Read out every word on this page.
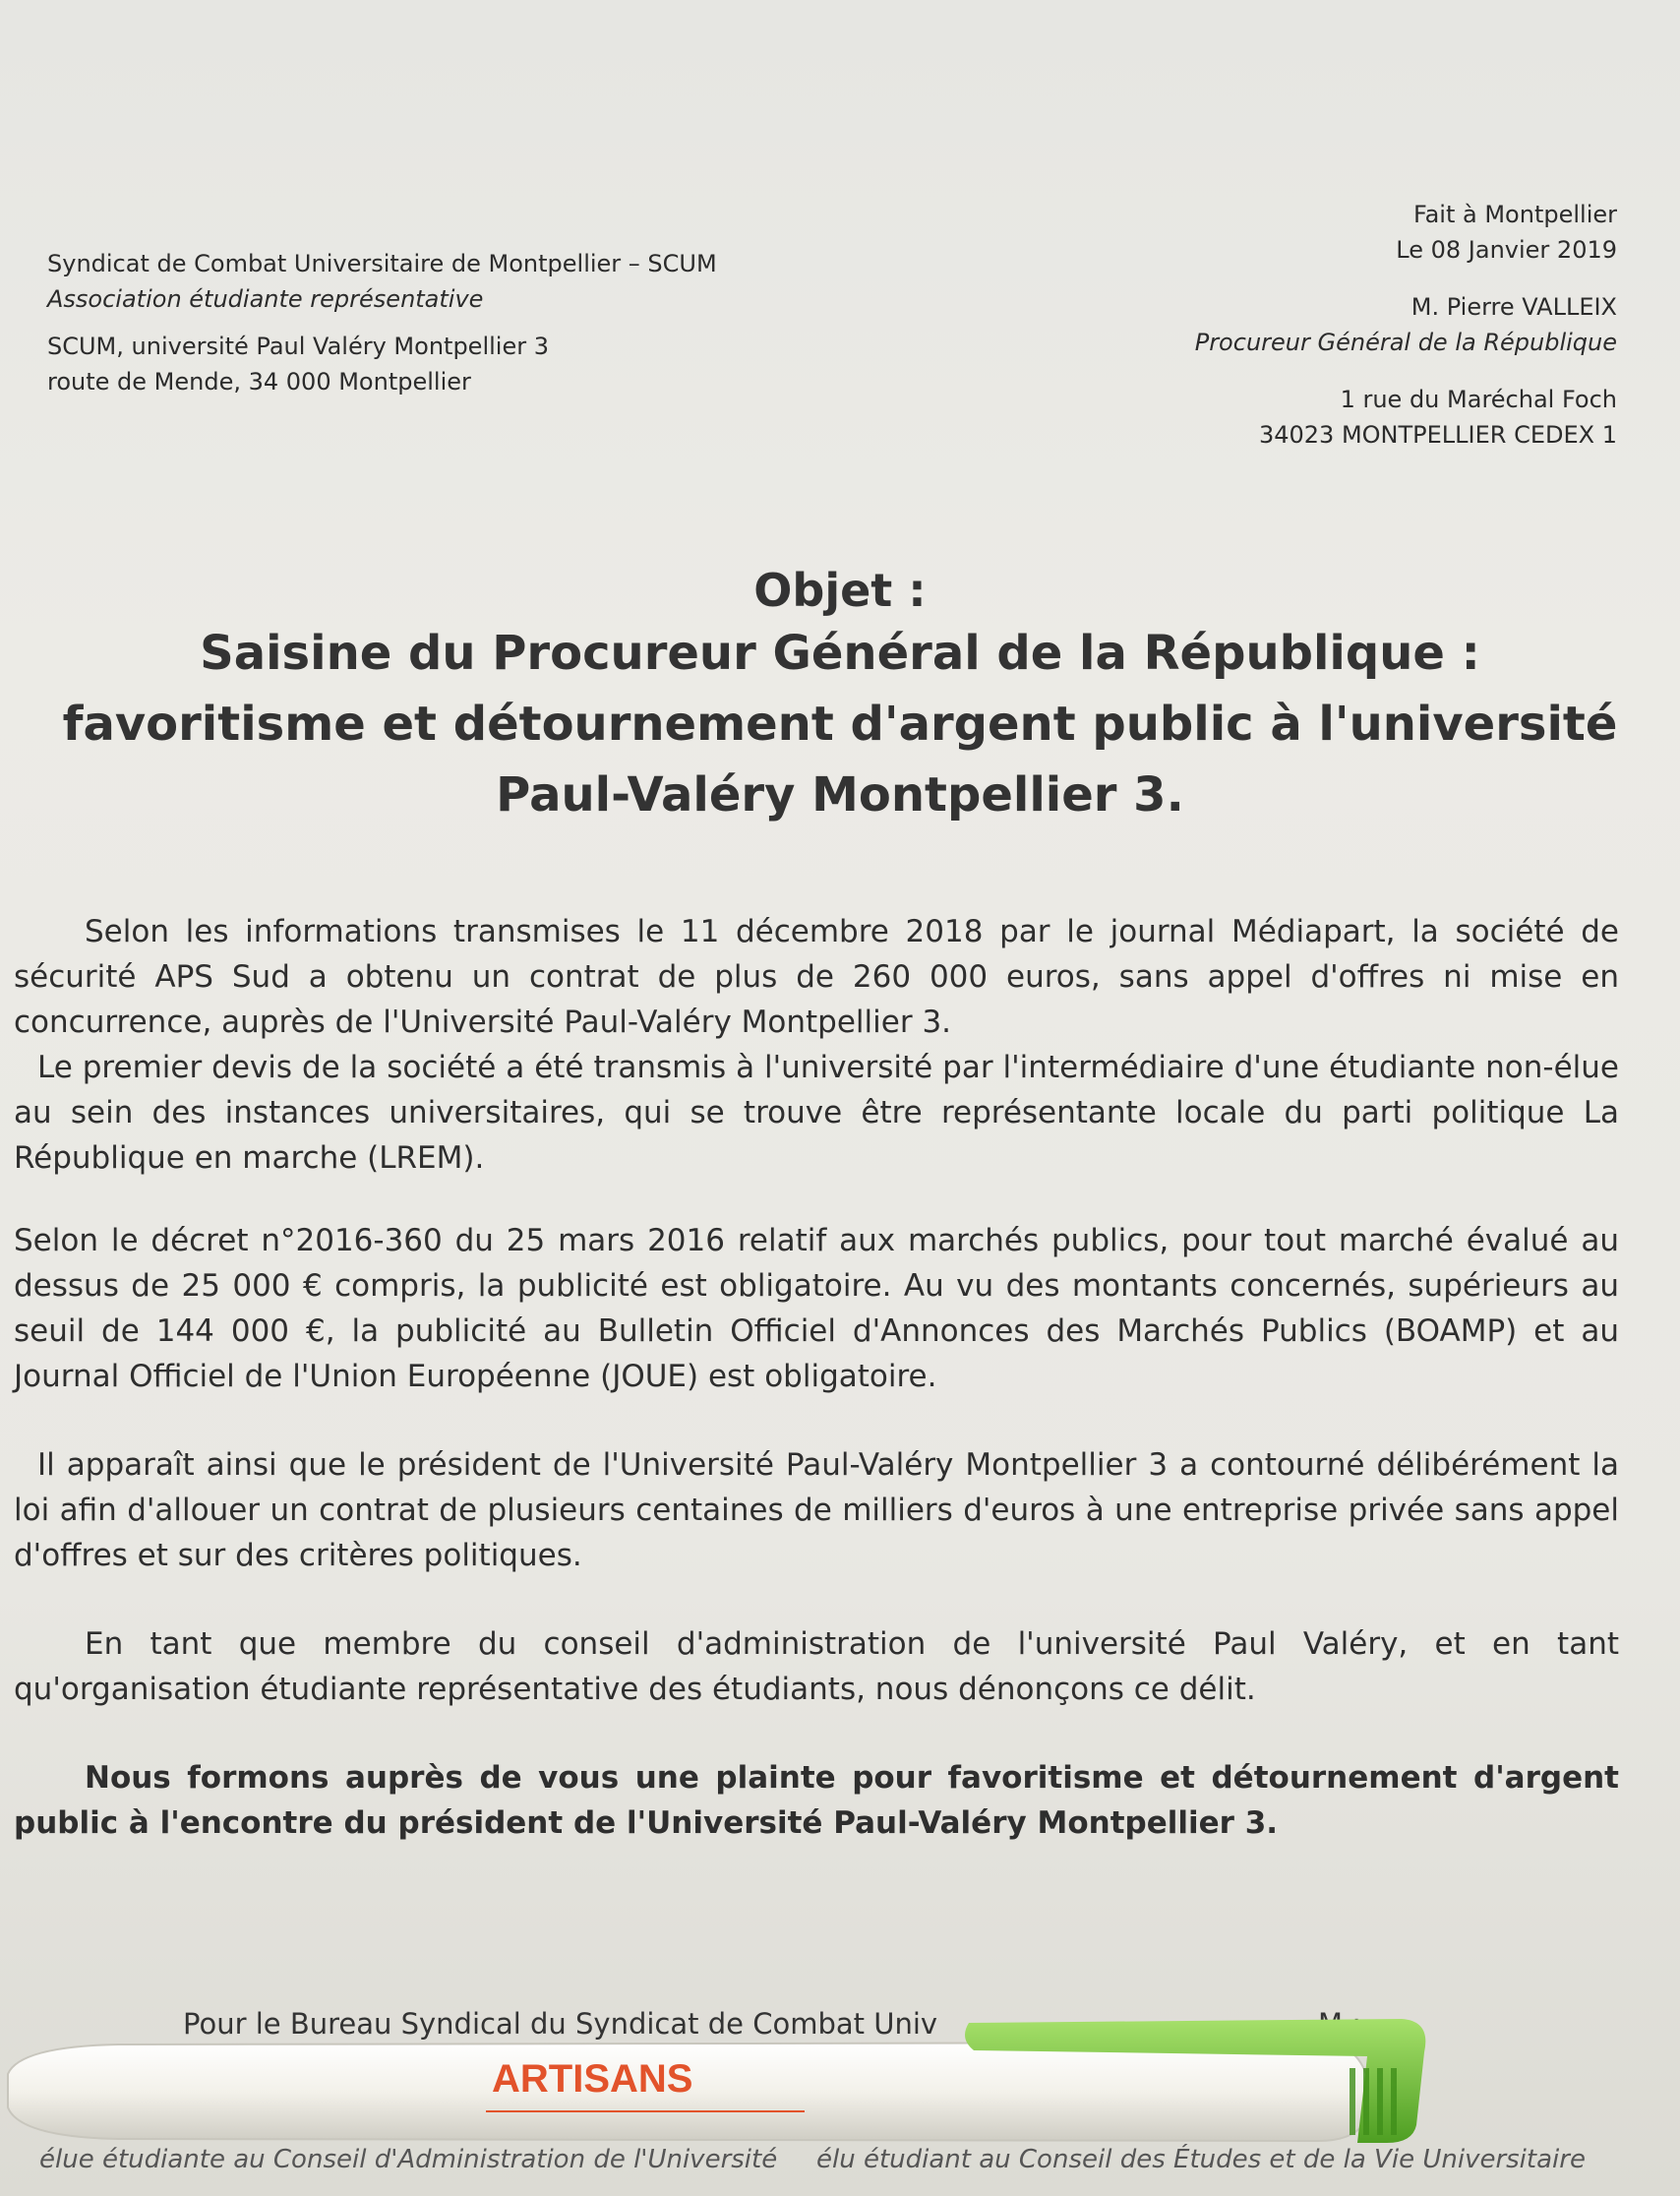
Syndicat de Combat Universitaire de Montpellier – SCUM
Association étudiante représentative
SCUM, université Paul Valéry Montpellier 3
route de Mende, 34 000 Montpellier
Fait à Montpellier
Le 08 Janvier 2019
M. Pierre VALLEIX
Procureur Général de la République
1 rue du Maréchal Foch
34023 MONTPELLIER CEDEX 1
Objet :
Saisine du Procureur Général de la République :
favoritisme et détournement d'argent public à l'université
Paul-Valéry Montpellier 3.

Selon les informations transmises le 11 décembre 2018 par le journal Médiapart, la société de sécurité APS Sud a obtenu un contrat de plus de 260 000 euros, sans appel d'offres ni mise en concurrence, auprès de l'Université Paul-Valéry Montpellier 3.

Le premier devis de la société a été transmis à l'université par l'intermédiaire d'une étudiante non-élue au sein des instances universitaires, qui se trouve être représentante locale du parti politique La République en marche (LREM).

Selon le décret n°2016-360 du 25 mars 2016 relatif aux marchés publics, pour tout marché évalué au dessus de 25 000 € compris, la publicité est obligatoire. Au vu des montants concernés, supérieurs au seuil de 144 000 €, la publicité au Bulletin Officiel d'Annonces des Marchés Publics (BOAMP) et au Journal Officiel de l'Union Européenne (JOUE) est obligatoire.

Il apparaît ainsi que le président de l'Université Paul-Valéry Montpellier 3 a contourné délibérément la loi afin d'allouer un contrat de plusieurs centaines de milliers d'euros à une entreprise privée sans appel d'offres et sur des critères politiques.

En tant que membre du conseil d'administration de l'université Paul Valéry, et en tant qu'organisation étudiante représentative des étudiants, nous dénonçons ce délit.

Nous formons auprès de vous une plainte pour favoritisme et détournement d'argent public à l'encontre du président de l'Université Paul-Valéry Montpellier 3.

Pour le Bureau Syndical du Syndicat de Combat Univ
élue étudiante au Conseil d'Administration de l'Université élu étudiant au Conseil des Études et de la Vie Universitaire
ARTISANS
